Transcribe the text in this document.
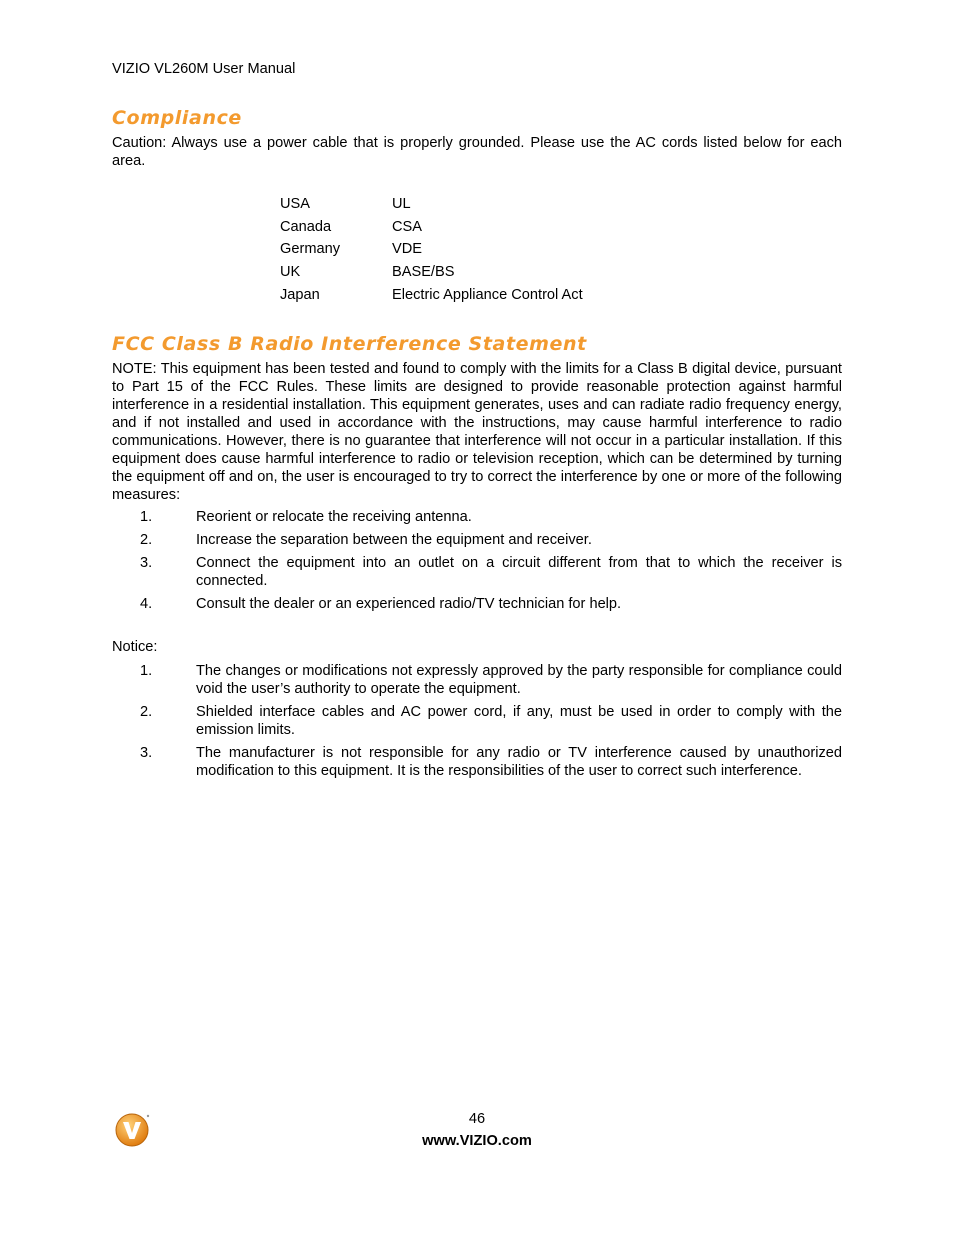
VIZIO VL260M User Manual
Compliance

Caution: Always use a power cable that is properly grounded. Please use the AC cords listed below for each area.

USA	UL
Canada	CSA
Germany	VDE
UK	BASE/BS
Japan	Electric Appliance Control Act
FCC Class B Radio Interference Statement

NOTE: This equipment has been tested and found to comply with the limits for a Class B digital device, pursuant to Part 15 of the FCC Rules. These limits are designed to provide reasonable protection against harmful interference in a residential installation. This equipment generates, uses and can radiate radio frequency energy, and if not installed and used in accordance with the instructions, may cause harmful interference to radio communications. However, there is no guarantee that interference will not occur in a particular installation. If this equipment does cause harmful interference to radio or television reception, which can be determined by turning the equipment off and on, the user is encouraged to try to correct the interference by one or more of the following measures:

1.	Reorient or relocate the receiving antenna.
2.	Increase the separation between the equipment and receiver.
3.	Connect the equipment into an outlet on a circuit different from that to which the receiver is connected.
4.	Consult the dealer or an experienced radio/TV technician for help.
Notice:
1.	The changes or modifications not expressly approved by the party responsible for compliance could void the user’s authority to operate the equipment.
2.	Shielded interface cables and AC power cord, if any, must be used in order to comply with the emission limits.
3.	The manufacturer is not responsible for any radio or TV interference caused by unauthorized modification to this equipment. It is the responsibilities of the user to correct such interference.
46
www.VIZIO.com
